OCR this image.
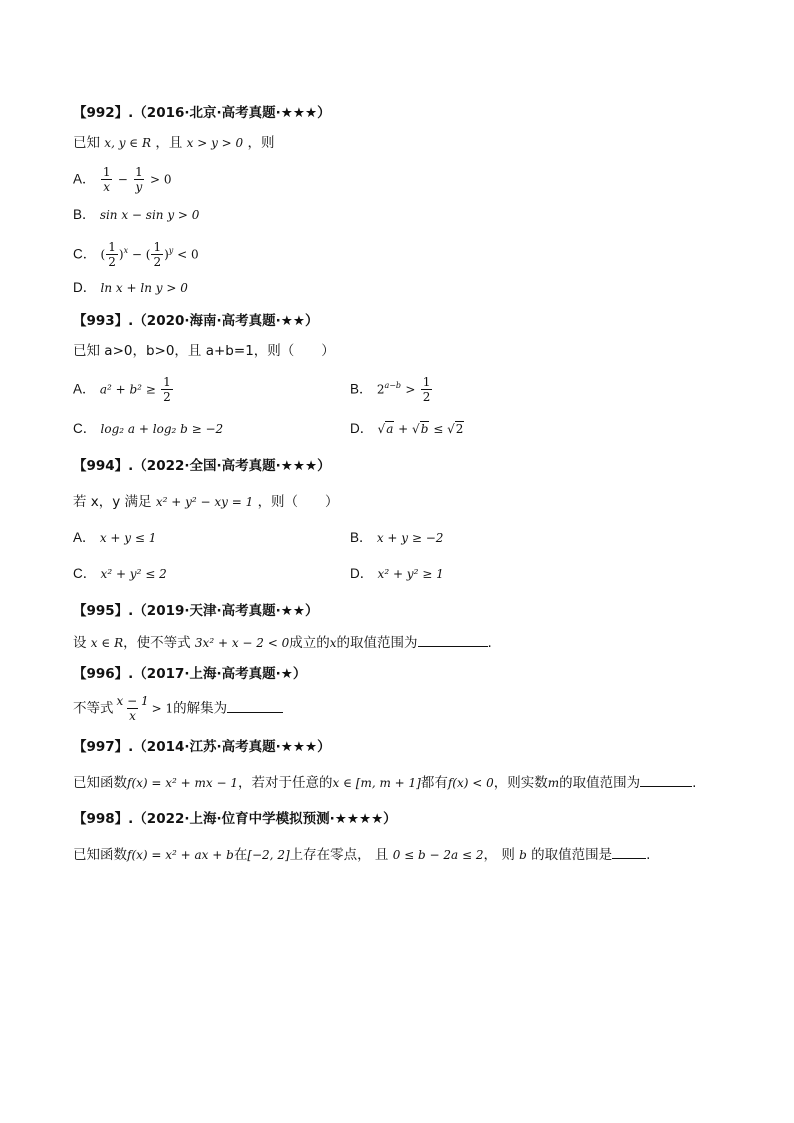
【992】.（2016·北京·高考真题·★★★）
已知 x, y ∈ R ，且 x > y > 0 ，则
A． $\frac{1}{x} - \frac{1}{y} > 0$
B． sin x − sin y > 0
C． ( $\frac{1}{2} )^x$ − ( $\frac{1}{2} )^y < 0$
D． ln x + ln y > 0
【993】.（2020·海南·高考真题·★★）
已知 a>0，b>0，且 a+b=1，则（　　）
A． $a^2 + b^2 \ge \frac{1}{2}$	B． $2^{a-b} > \frac{1}{2}$
C． log₂ a + log₂ b ≥ −2	D． √a + √b ≤ √2
【994】.（2022·全国·高考真题·★★★）
若 x，y 满足 x² + y² − xy = 1 ，则（　　）
A． x + y ≤ 1	B． x + y ≥ −2
C． x² + y² ≤ 2	D． x² + y² ≥ 1
【995】.（2019·天津·高考真题·★★）
设 x ∈ R，使不等式 3x² + x − 2 < 0成立的x的取值范围为	.
【996】.（2017·上海·高考真题·★）
不等式 $\frac{x - 1}{x} > 1$的解集为
【997】.（2014·江苏·高考真题·★★★）
已知函数f(x) = x² + mx − 1，若对于任意的x ∈ [m, m + 1]都有f(x) < 0，则实数m的取值范围为	.
【998】.（2022·上海·位育中学模拟预测·★★★★）
已知函数f(x) = x² + ax + b在[−2, 2]上存在零点， 且 0 ≤ b − 2a ≤ 2， 则 b 的取值范围是	.
